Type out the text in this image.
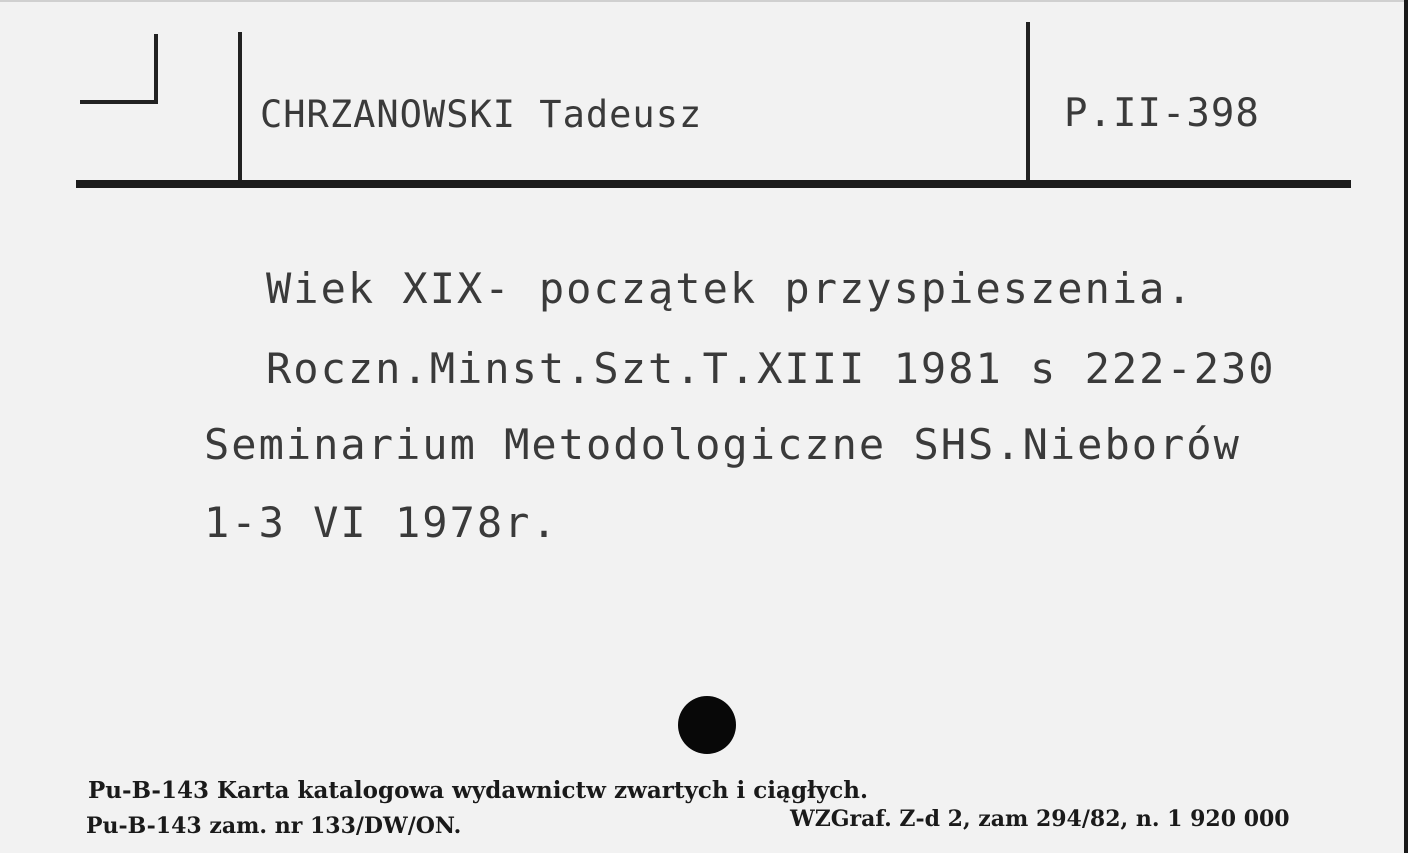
CHRZANOWSKI Tadeusz	P.II-398

Wiek XIX- początek przyspieszenia.

Roczn.Minst.Szt.T.XIII 1981 s 222-230

Seminarium Metodologiczne SHS.Nieborów

1-3 VI 1978r.

Pu-B-143 Karta katalogowa wydawnictw zwartych i ciągłych.

Pu-B-143 zam. nr 133/DW/ON.	WZGraf. Z-d 2, zam 294/82, n. 1 920 000
